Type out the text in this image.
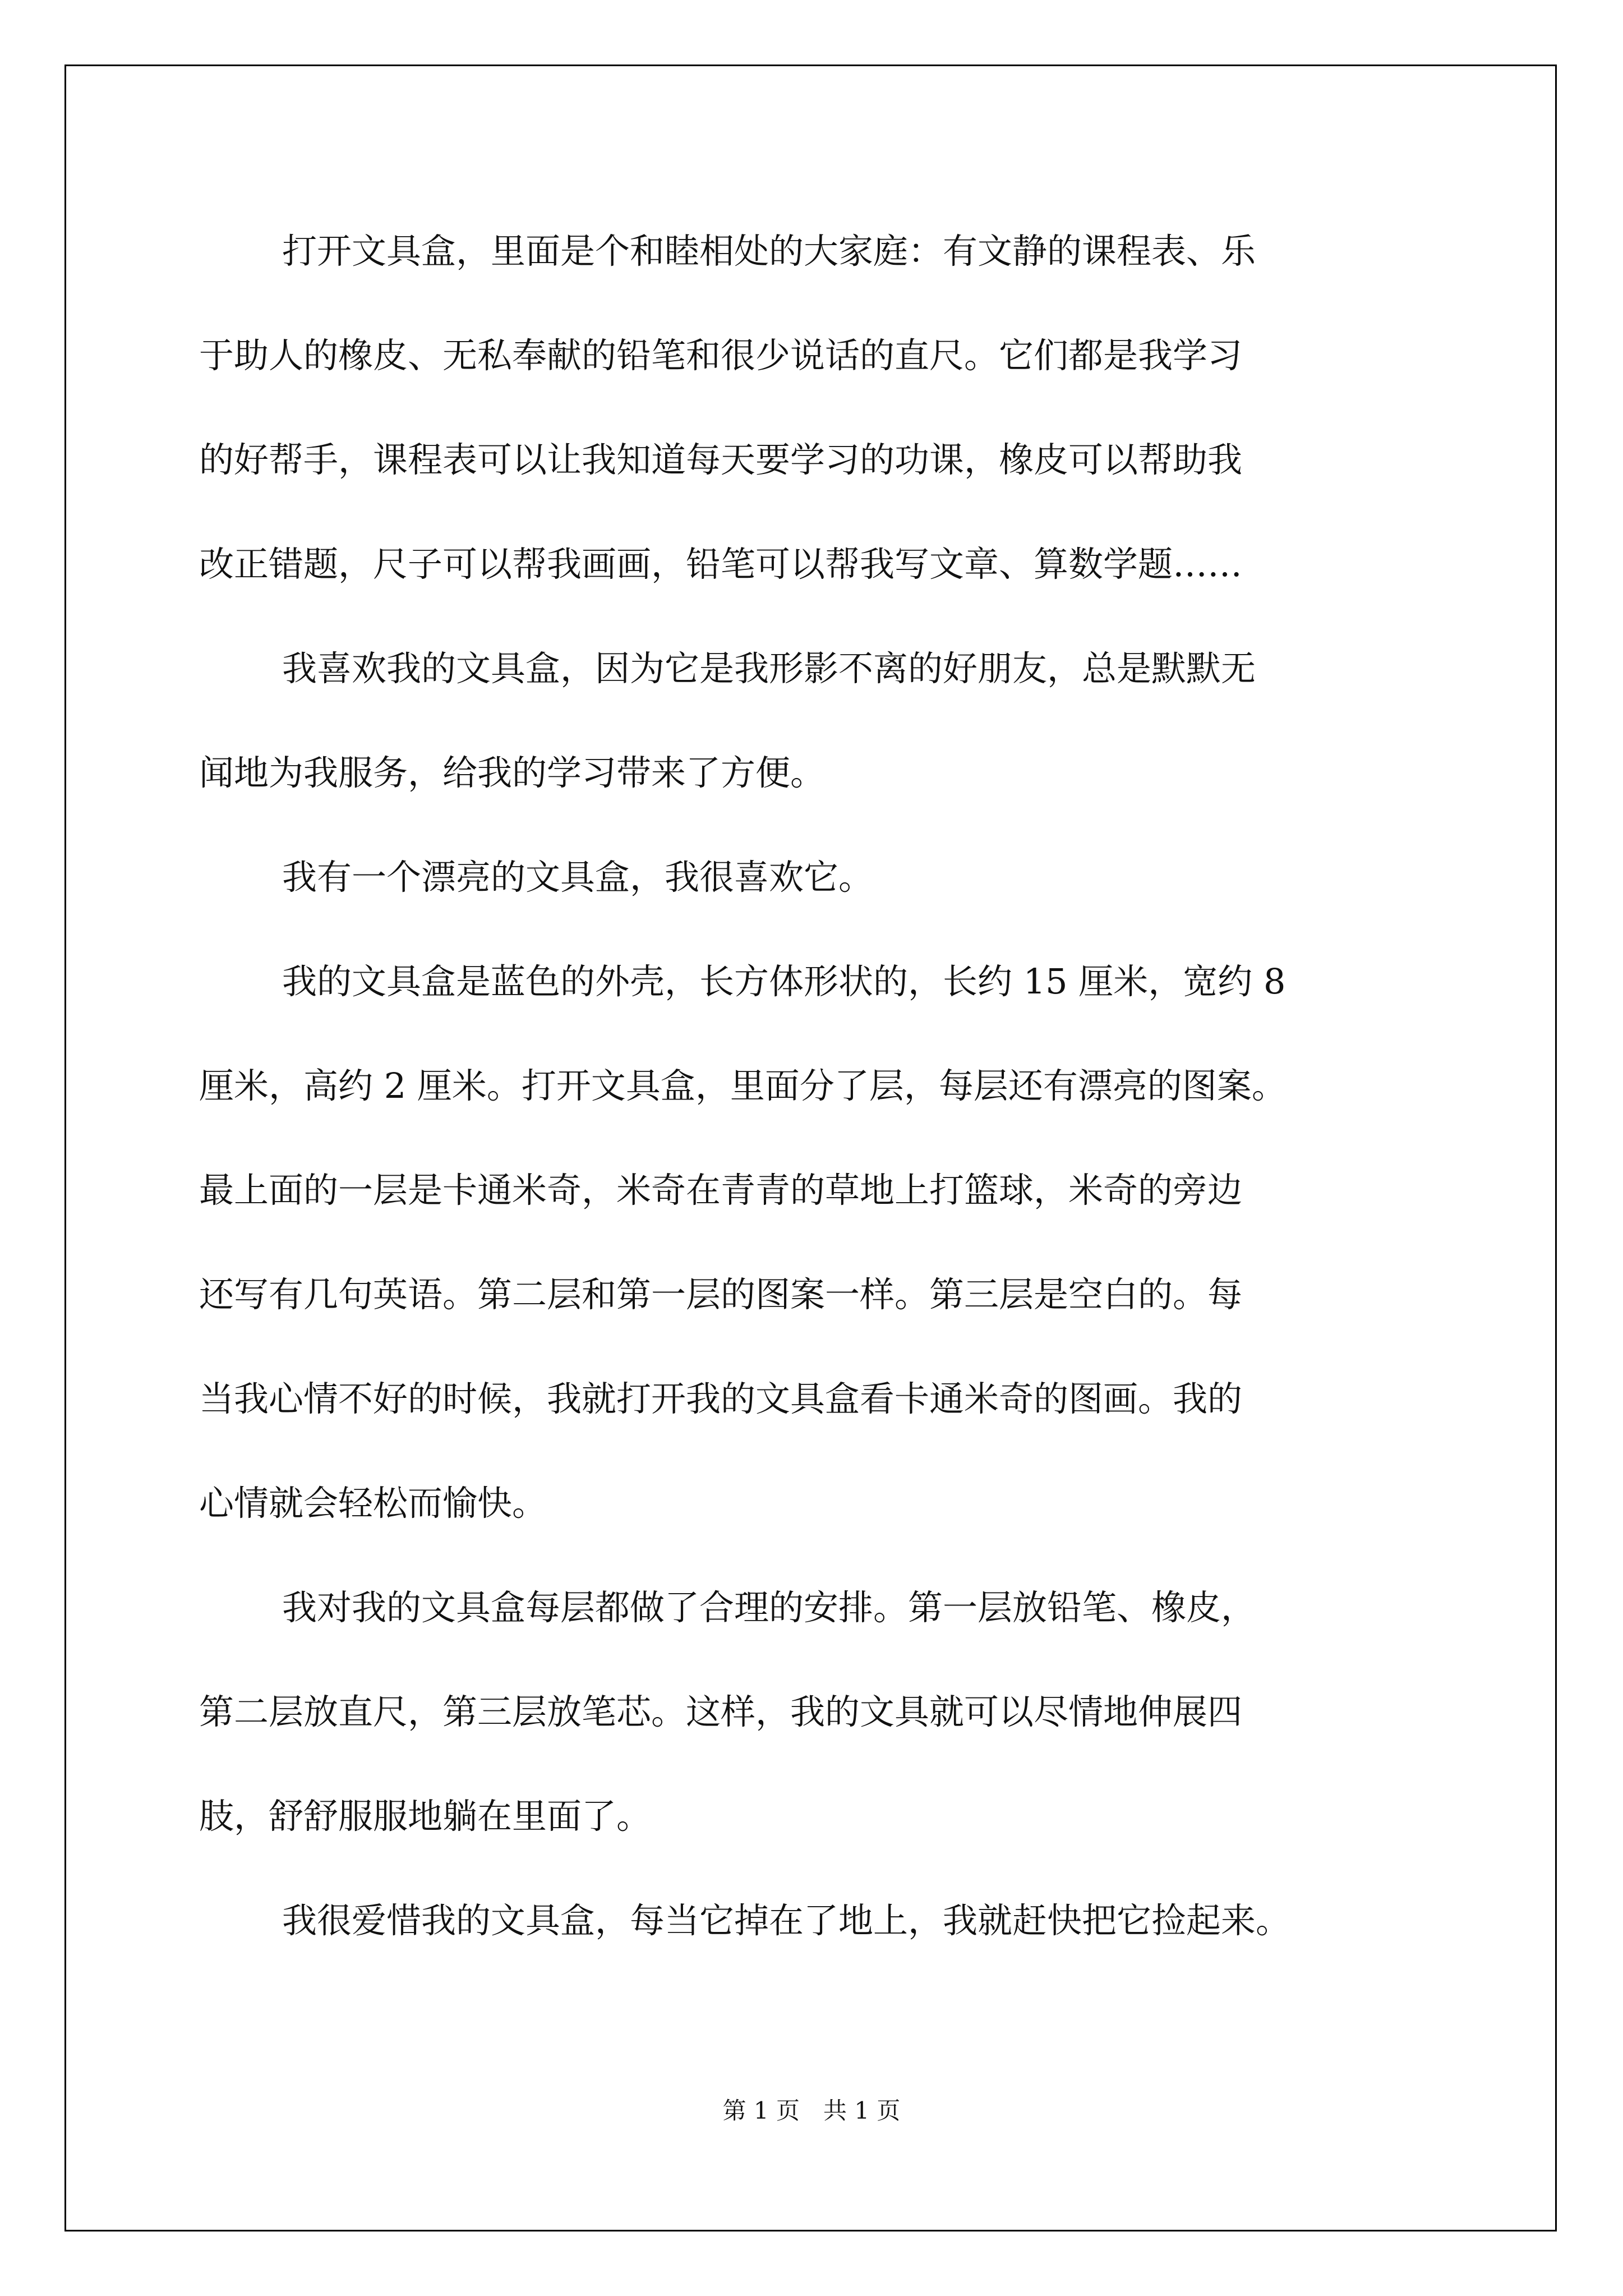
打开文具盒，里面是个和睦相处的大家庭：有文静的课程表、乐
于助人的橡皮、无私奉献的铅笔和很少说话的直尺。它们都是我学习
的好帮手，课程表可以让我知道每天要学习的功课，橡皮可以帮助我
改正错题，尺子可以帮我画画，铅笔可以帮我写文章、算数学题……
我喜欢我的文具盒，因为它是我形影不离的好朋友，总是默默无
闻地为我服务，给我的学习带来了方便。
我有一个漂亮的文具盒，我很喜欢它。
我的文具盒是蓝色的外壳，长方体形状的，长约 15 厘米，宽约 8
厘米，高约 2 厘米。打开文具盒，里面分了层，每层还有漂亮的图案。
最上面的一层是卡通米奇，米奇在青青的草地上打篮球，米奇的旁边
还写有几句英语。第二层和第一层的图案一样。第三层是空白的。每
当我心情不好的时候，我就打开我的文具盒看卡通米奇的图画。我的
心情就会轻松而愉快。
我对我的文具盒每层都做了合理的安排。第一层放铅笔、橡皮，
第二层放直尺，第三层放笔芯。这样，我的文具就可以尽情地伸展四
肢，舒舒服服地躺在里面了。
我很爱惜我的文具盒，每当它掉在了地上，我就赶快把它捡起来。
第 1 页　共 1 页
